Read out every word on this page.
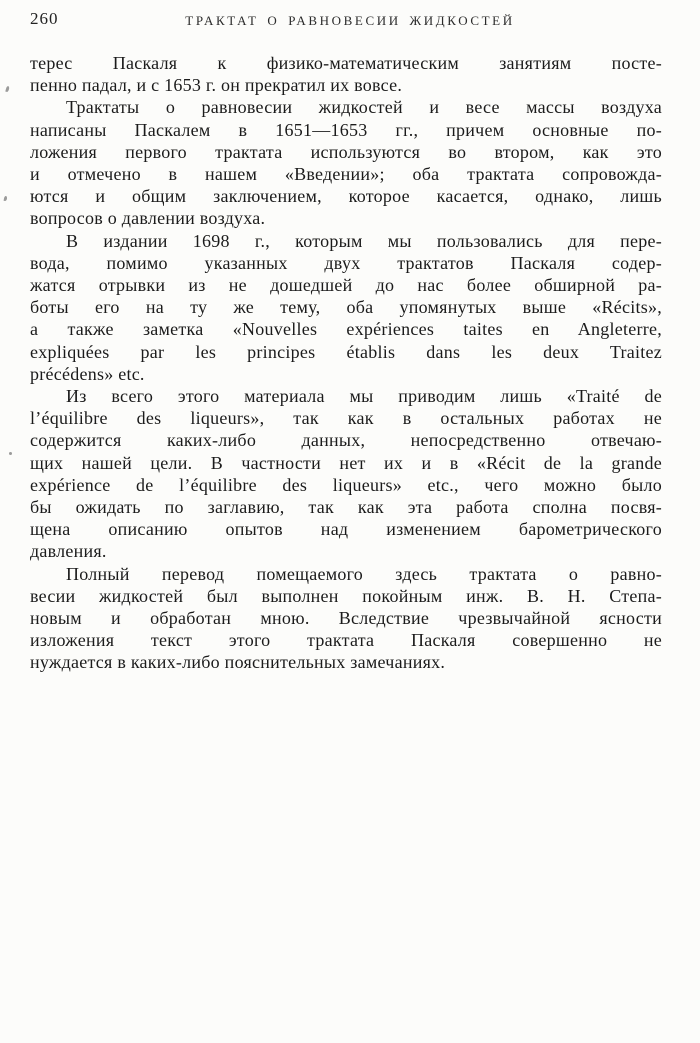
260	ТРАКТАТ О РАВНОВЕСИИ ЖИДКОСТЕЙ
терес Паскаля к физико-математическим занятиям посте-
пенно падал, и с 1653 г. он прекратил их вовсе.
Трактаты о равновесии жидкостей и весе массы воздуха
написаны Паскалем в 1651—1653 гг., причем основные по-
ложения первого трактата используются во втором, как это
и отмечено в нашем «Введении»; оба трактата сопровожда-
ются и общим заключением, которое касается, однако, лишь
вопросов о давлении воздуха.
В издании 1698 г., которым мы пользовались для пере-
вода, помимо указанных двух трактатов Паскаля содер-
жатся отрывки из не дошедшей до нас более обширной ра-
боты его на ту же тему, оба упомянутых выше «Récits»,
а также заметка «Nouvelles expériences taites en Angleterre,
expliquées par les principes établis dans les deux Traitez
précédens» etc.
Из всего этого материала мы приводим лишь «Traité de
l’équilibre des liqueurs», так как в остальных работах не
содержится каких-либо данных, непосредственно отвечаю-
щих нашей цели. В частности нет их и в «Récit de la grande
expérience de l’équilibre des liqueurs» etc., чего можно было
бы ожидать по заглавию, так как эта работа сполна посвя-
щена описанию опытов над изменением барометрического
давления.
Полный перевод помещаемого здесь трактата о равно-
весии жидкостей был выполнен покойным инж. В. Н. Степа-
новым и обработан мною. Вследствие чрезвычайной ясности
изложения текст этого трактата Паскаля совершенно не
нуждается в каких-либо пояснительных замечаниях.
